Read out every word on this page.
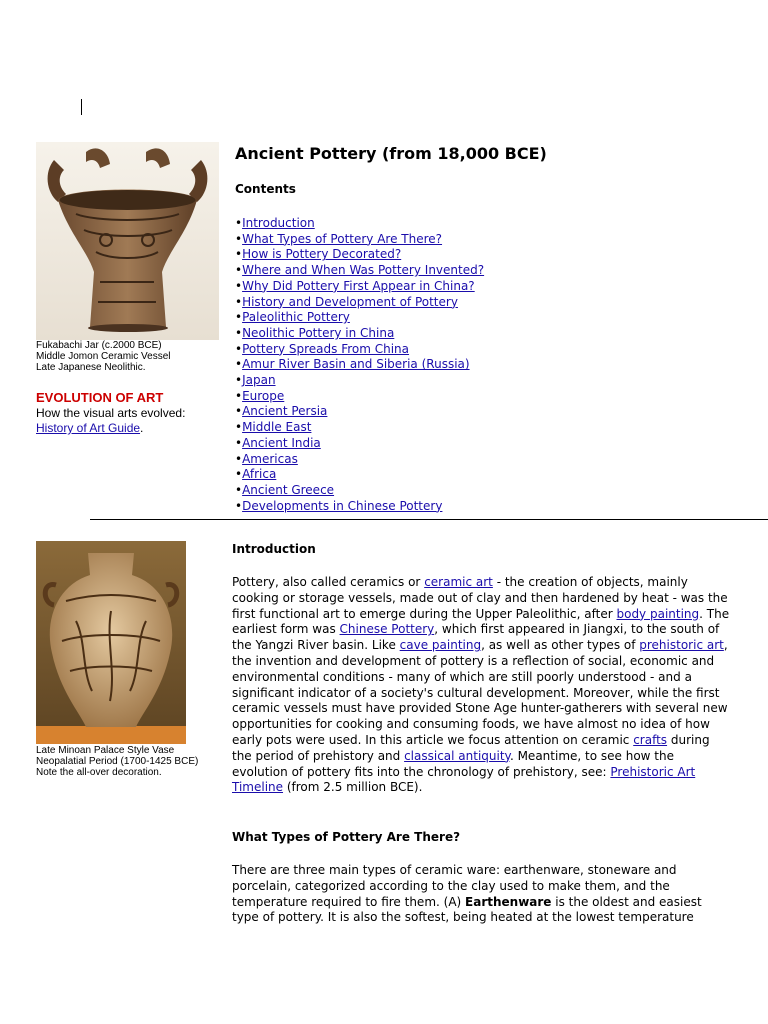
Fukabachi Jar (c.2000 BCE)
Middle Jomon Ceramic Vessel
Late Japanese Neolithic.
EVOLUTION OF ART
How the visual arts evolved:
History of Art Guide.
Late Minoan Palace Style Vase
Neopalatial Period (1700-1425 BCE)
Note the all-over decoration.
Ancient Pottery (from 18,000 BCE)
Contents
• Introduction
• What Types of Pottery Are There?
• How is Pottery Decorated?
• Where and When Was Pottery Invented?
• Why Did Pottery First Appear in China?
• History and Development of Pottery
• Paleolithic Pottery
• Neolithic Pottery in China
• Pottery Spreads From China
• Amur River Basin and Siberia (Russia)
• Japan
• Europe
• Ancient Persia
• Middle East
• Ancient India
• Americas
• Africa
• Ancient Greece
• Developments in Chinese Pottery
Introduction

Pottery, also called ceramics or ceramic art - the creation of objects, mainly cooking or storage vessels, made out of clay and then hardened by heat - was the first functional art to emerge during the Upper Paleolithic, after body painting. The earliest form was Chinese Pottery, which first appeared in Jiangxi, to the south of the Yangzi River basin. Like cave painting, as well as other types of prehistoric art, the invention and development of pottery is a reflection of social, economic and environmental conditions - many of which are still poorly understood - and a significant indicator of a society's cultural development. Moreover, while the first ceramic vessels must have provided Stone Age hunter-gatherers with several new opportunities for cooking and consuming foods, we have almost no idea of how early pots were used. In this article we focus attention on ceramic crafts during the period of prehistory and classical antiquity. Meantime, to see how the evolution of pottery fits into the chronology of prehistory, see: Prehistoric Art Timeline (from 2.5 million BCE).

What Types of Pottery Are There?

There are three main types of ceramic ware: earthenware, stoneware and porcelain, categorized according to the clay used to make them, and the temperature required to fire them. (A) Earthenware is the oldest and easiest type of pottery. It is also the softest, being heated at the lowest temperature
